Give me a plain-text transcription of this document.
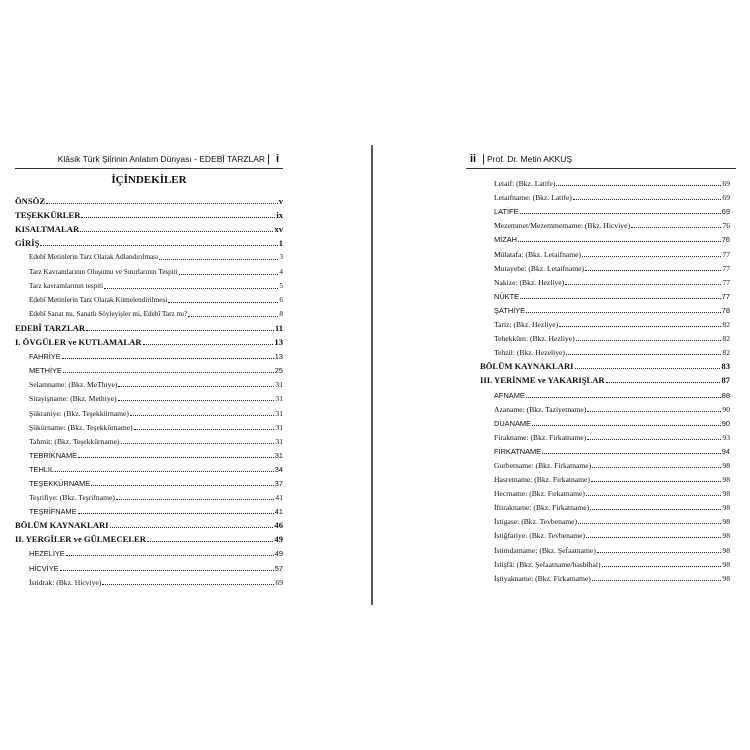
Klâsik Türk Şiirinin Anlatım Dünyası - EDEBÎ TARZLAR | i
İÇİNDEKİLER
ÖNSÖZ	v
TEŞEKKÜRLER	ix
KISALTMALAR	xv
GİRİŞ	1
Edebî Metinlerin Tarz Olarak Adlandırılması	3
Tarz Kavramlarının Oluşumu ve Sınırlarının Tespiti	4
Tarz kavramlarının tespiti	5
Edebî Metinlerin Tarz Olarak Kümelendirilmesi	6
Edebî Sanat mı, Sanatlı Söyleyişler mi, Edebî Tarz mı?	8
EDEBÎ TARZLAR	11
I. ÖVGÜLER ve KUTLAMALAR	13
FAHRİYE	13
METHİYE	25
Selamname: (Bkz. MeThiye)	31
Sitayişname: (Bkz. Methiye)	31
Şükraniye: (Bkz. Teşekkürname)	31
Şükürname: (Bkz. Teşekkürname)	31
Tahmit: (Bkz. Teşekkürname)	31
TEBRİKNAME	31
TEHLİL	34
TEŞEKKÜRNAME	37
Teşrifiye: (Bkz. Teşrifname)	41
TEŞRİFNAME	41
BÖLÜM KAYNAKLARI	46
II. YERGİLER ve GÜLMECELER	49
HEZELİYE	49
HİCVİYE	57
İstidrak: (Bkz. Hicviye)	69
ii | Prof. Dr. Metin AKKUŞ
Letaif: (Bkz. Latife)	69
Letaifname: (Bkz. Latife)	69
LATİFE	69
Mezemmet/Mezemmetname: (Bkz. Hicviye)	76
MİZAH	76
Mülatafa: (Bkz. Letaifname)	77
Mutayebe: (Bkz. Letaifname)	77
Nakize: (Bkz. Hezliye)	77
NÜKTE	77
ŞATHİYE	78
Tariz: (Bkz. Hezliye)	82
Tehekküm: (Bkz. Hezliye)	82
Tehzil: (Bkz. Hezeliye)	82
BÖLÜM KAYNAKLARI	83
III. YERİNME ve YAKARIŞLAR	87
AFNAME	88
Azaname: (Bkz. Taziyetname)	90
DUANAME	90
Firakname: (Bkz. Firkatname)	93
FİRKATNAME	94
Gurbetname: (Bkz. Firkatname)	98
Hasretname: (Bkz. Fırkatname)	98
Hecrname: (Bkz. Fırkatname)	98
İftirakname: (Bkz. Firkatname)	98
İstigase: (Bkz. Tevbename)	98
İstiğfariye: (Bkz. Tevbename)	98
İstimdatname: (Bkz. Şefaatname)	98
İstişfâ: (Bkz. Şefaatname/hasbihal)	98
İştiyakname: (Bkz. Firkatname)	98
